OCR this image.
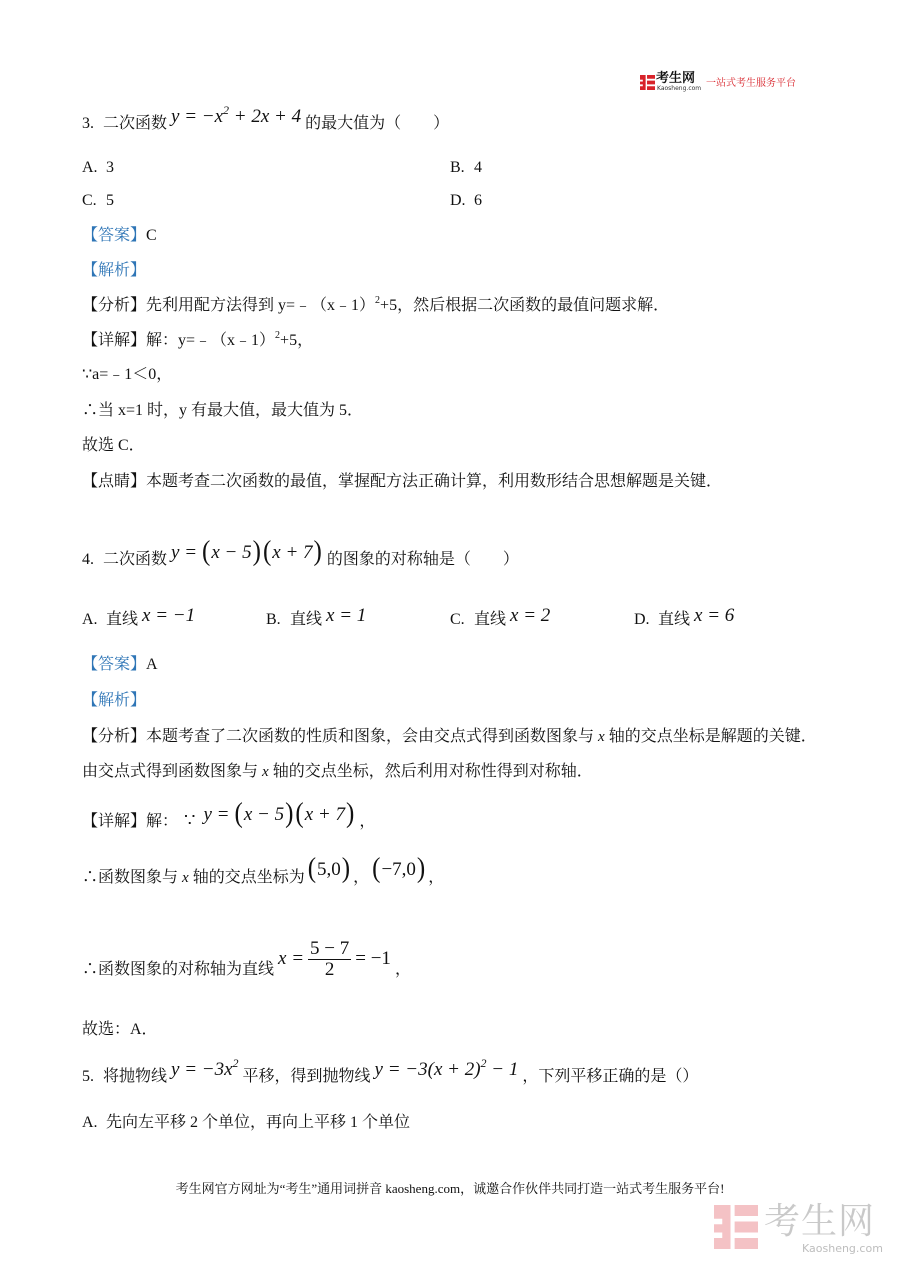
考生网
Kaosheng.com 一站式考生服务平台
3. 二次函数 $y = -x^2 + 2x + 4$ 的最大值为（　　）
A. 3	B. 4
C. 5	D. 6
【答案】C
【解析】
【分析】先利用配方法得到 y=﹣（x﹣1）$^2$+5，然后根据二次函数的最值问题求解．
【详解】解：y=﹣（x﹣1）$^2$+5，
∵a=﹣1＜0，
∴当 x=1 时，y 有最大值，最大值为 5．
故选 C．
【点睛】本题考查二次函数的最值，掌握配方法正确计算，利用数形结合思想解题是关键．
4. 二次函数 y = (x − 5)(x + 7) 的图象的对称轴是（　　）
A. 直线 x = −1	B. 直线 x = 1	C. 直线 x = 2	D. 直线 x = 6
【答案】A
【解析】
【分析】本题考查了二次函数的性质和图象，会由交点式得到函数图象与 x 轴的交点坐标是解题的关键．
由交点式得到函数图象与 x 轴的交点坐标，然后利用对称性得到对称轴．
【详解】解： ∵ y = (x − 5)(x + 7) ，
∴函数图象与 x 轴的交点坐标为 (5,0) ， (−7,0) ，
∴函数图象的对称轴为直线$x = \frac{5 - 7}{2} = -1$，
故选：A．
5. 将抛物线 $y = -3x^2$平移，得到抛物线 $y = -3(x + 2)^2 - 1$ ，下列平移正确的是（）
A. 先向左平移 2 个单位，再向上平移 1 个单位
考生网官方网址为“考生”通用词拼音 kaosheng.com，诚邀合作伙伴共同打造一站式考生服务平台!
考生网
Kaosheng.com
